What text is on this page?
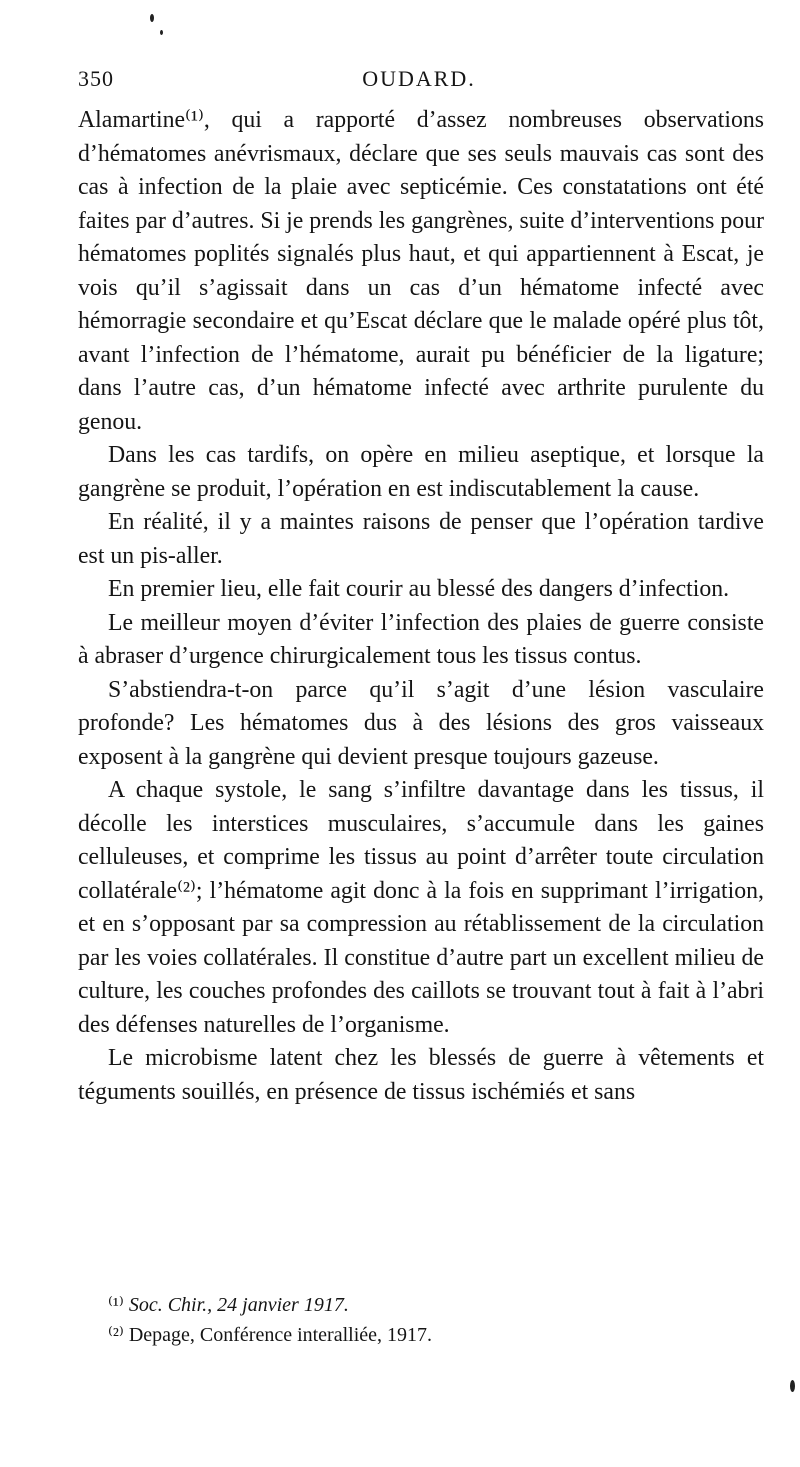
350	OUDARD.

Alamartine⁽¹⁾, qui a rapporté d’assez nombreuses observations d’hématomes anévrismaux, déclare que ses seuls mauvais cas sont des cas à infection de la plaie avec septicémie. Ces constatations ont été faites par d’autres. Si je prends les gangrènes, suite d’interventions pour hématomes poplités signalés plus haut, et qui appartiennent à Escat, je vois qu’il s’agissait dans un cas d’un hématome infecté avec hémorragie secondaire et qu’Escat déclare que le malade opéré plus tôt, avant l’infection de l’hématome, aurait pu bénéficier de la ligature; dans l’autre cas, d’un hématome infecté avec arthrite purulente du genou.

Dans les cas tardifs, on opère en milieu aseptique, et lorsque la gangrène se produit, l’opération en est indiscutablement la cause.

En réalité, il y a maintes raisons de penser que l’opération tardive est un pis-aller.

En premier lieu, elle fait courir au blessé des dangers d’infection.

Le meilleur moyen d’éviter l’infection des plaies de guerre consiste à abraser d’urgence chirurgicalement tous les tissus contus.

S’abstiendra-t-on parce qu’il s’agit d’une lésion vasculaire profonde? Les hématomes dus à des lésions des gros vaisseaux exposent à la gangrène qui devient presque toujours gazeuse.

A chaque systole, le sang s’infiltre davantage dans les tissus, il décolle les interstices musculaires, s’accumule dans les gaines celluleuses, et comprime les tissus au point d’arrêter toute circulation collatérale⁽²⁾; l’hématome agit donc à la fois en supprimant l’irrigation, et en s’opposant par sa compression au rétablissement de la circulation par les voies collatérales. Il constitue d’autre part un excellent milieu de culture, les couches profondes des caillots se trouvant tout à fait à l’abri des défenses naturelles de l’organisme.

Le microbisme latent chez les blessés de guerre à vêtements et téguments souillés, en présence de tissus ischémiés et sans

⁽¹⁾ Soc. Chir., 24 janvier 1917.
⁽²⁾ Depage, Conférence interalliée, 1917.
